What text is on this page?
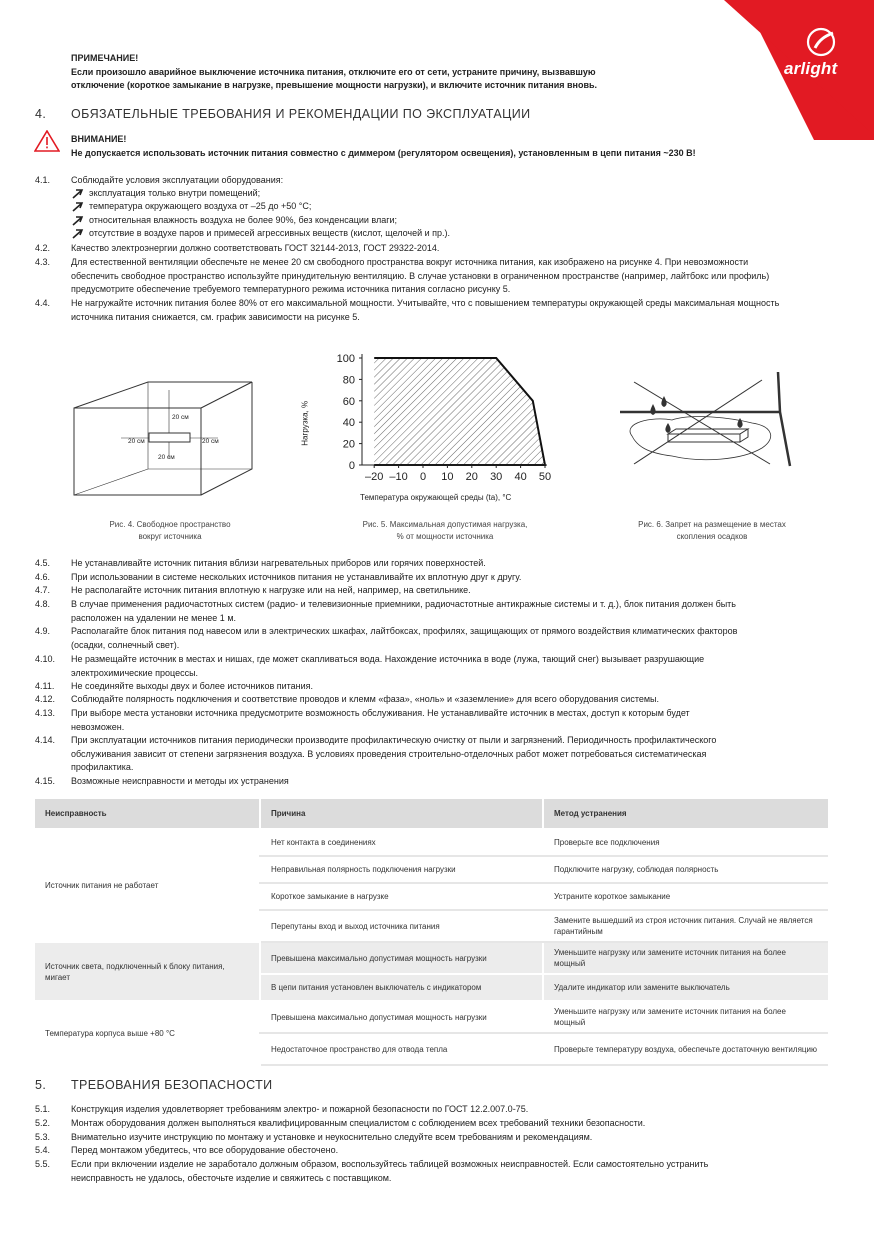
arlight
ПРИМЕЧАНИЕ!
Если произошло аварийное выключение источника питания, отключите его от сети, устраните причину, вызвавшую
отключение (короткое замыкание в нагрузке, превышение мощности нагрузки), и включите источник питания вновь.
4. ОБЯЗАТЕЛЬНЫЕ ТРЕБОВАНИЯ И РЕКОМЕНДАЦИИ ПО ЭКСПЛУАТАЦИИ
ВНИМАНИЕ!
Не допускается использовать источник питания совместно с диммером (регулятором освещения), установленным в цепи питания ~230 В!
4.1.	Соблюдайте условия эксплуатации оборудования:
эксплуатация только внутри помещений;
температура окружающего воздуха от –25 до +50 °С;
относительная влажность воздуха не более 90%, без конденсации влаги;
отсутствие в воздухе паров и примесей агрессивных веществ (кислот, щелочей и пр.).
4.2.	Качество электроэнергии должно соответствовать ГОСТ 32144-2013, ГОСТ 29322-2014.
4.3.	Для естественной вентиляции обеспечьте не менее 20 см свободного пространства вокруг источника питания, как изображено на рисунке 4. При невозможности
обеспечить свободное пространство используйте принудительную вентиляцию. В случае установки в ограниченном пространстве (например, лайтбокс или профиль)
предусмотрите обеспечение требуемого температурного режима источника питания согласно рисунку 5.
4.4.	Не нагружайте источник питания более 80% от его максимальной мощности. Учитывайте, что с повышением температуры окружающей среды максимальная мощность
источника питания снижается, см. график зависимости на рисунке 5.
20 см
20 см	20 см
20 см
Рис. 4. Свободное пространство
вокруг источника
0
20
40
60
80
100
–20 –10 0 10 20 30 40 50
Нагрузка, %
Температура окружающей среды (ta), °С
Рис. 5. Максимальная допустимая нагрузка,
% от мощности источника
Рис. 6. Запрет на размещение в местах
скопления осадков
4.5.	Не устанавливайте источник питания вблизи нагревательных приборов или горячих поверхностей.
4.6.	При использовании в системе нескольких источников питания не устанавливайте их вплотную друг к другу.
4.7.	Не располагайте источник питания вплотную к нагрузке или на ней, например, на светильнике.
4.8.	В случае применения радиочастотных систем (радио- и телевизионные приемники, радиочастотные антикражные системы и т. д.), блок питания должен быть
расположен на удалении не менее 1 м.
4.9.	Располагайте блок питания под навесом или в электрических шкафах, лайтбоксах, профилях, защищающих от прямого воздействия климатических факторов
(осадки, солнечный свет).
4.10.	Не размещайте источник в местах и нишах, где может скапливаться вода. Нахождение источника в воде (лужа, тающий снег) вызывает разрушающие
электрохимические процессы.
4.11.	Не соединяйте выходы двух и более источников питания.
4.12.	Соблюдайте полярность подключения и соответствие проводов и клемм «фаза», «ноль» и «заземление» для всего оборудования системы.
4.13.	При выборе места установки источника предусмотрите возможность обслуживания. Не устанавливайте источник в местах, доступ к которым будет
невозможен.
4.14.	При эксплуатации источников питания периодически производите профилактическую очистку от пыли и загрязнений. Периодичность профилактического
обслуживания зависит от степени загрязнения воздуха. В условиях проведения строительно-отделочных работ может потребоваться систематическая
профилактика.
4.15.	Возможные неисправности и методы их устранения
Неисправность	Причина	Метод устранения
Источник питания не работает	Нет контакта в соединениях	Проверьте все подключения
	Неправильная полярность подключения нагрузки	Подключите нагрузку, соблюдая полярность
	Короткое замыкание в нагрузке	Устраните короткое замыкание
	Перепутаны вход и выход источника питания	Замените вышедший из строя источник питания. Случай не является гарантийным
Источник света, подключенный к блоку питания, мигает	Превышена максимально допустимая мощность нагрузки	Уменьшите нагрузку или замените источник питания на более мощный
	В цепи питания установлен выключатель с индикатором	Удалите индикатор или замените выключатель
Температура корпуса выше +80 °С	Превышена максимально допустимая мощность нагрузки	Уменьшите нагрузку или замените источник питания на более мощный
	Недостаточное пространство для отвода тепла	Проверьте температуру воздуха, обеспечьте достаточную вентиляцию
5. ТРЕБОВАНИЯ БЕЗОПАСНОСТИ
5.1.	Конструкция изделия удовлетворяет требованиям электро- и пожарной безопасности по ГОСТ 12.2.007.0-75.
5.2.	Монтаж оборудования должен выполняться квалифицированным специалистом с соблюдением всех требований техники безопасности.
5.3.	Внимательно изучите инструкцию по монтажу и установке и неукоснительно следуйте всем требованиям и рекомендациям.
5.4.	Перед монтажом убедитесь, что все оборудование обесточено.
5.5.	Если при включении изделие не заработало должным образом, воспользуйтесь таблицей возможных неисправностей. Если самостоятельно устранить
неисправность не удалось, обесточьте изделие и свяжитесь с поставщиком.
